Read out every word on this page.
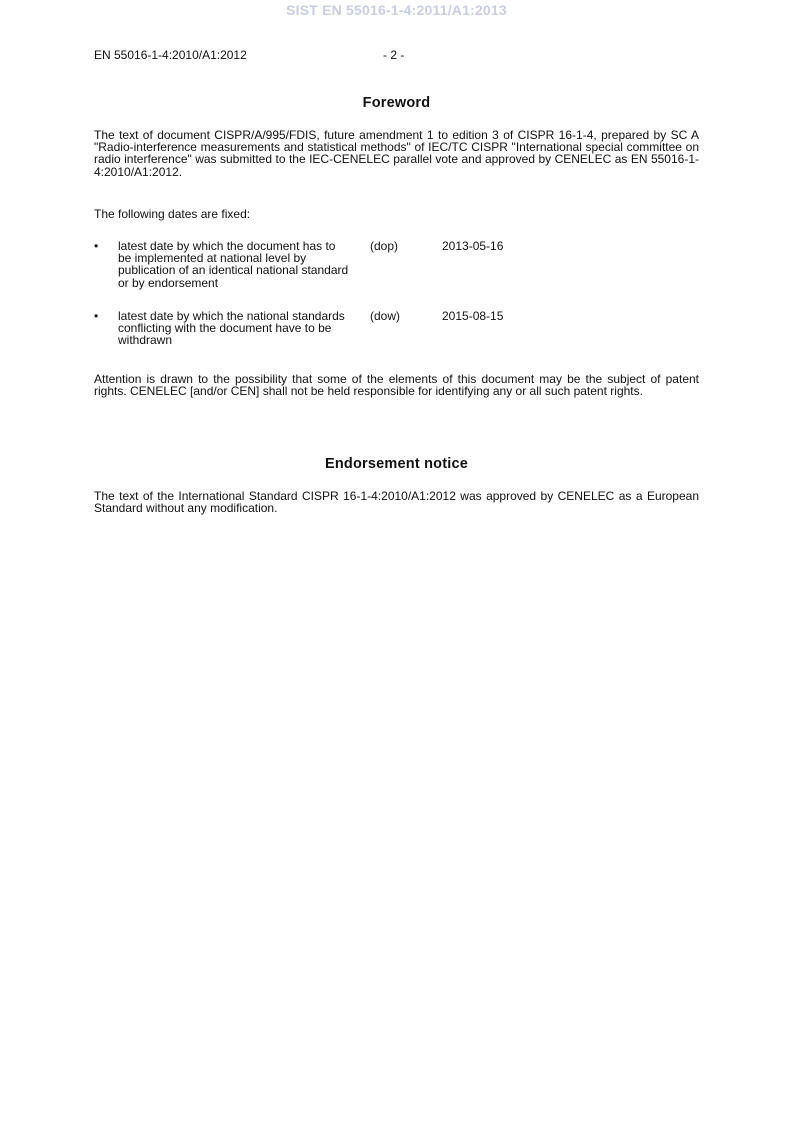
SIST EN 55016-1-4:2011/A1:2013
EN 55016-1-4:2010/A1:2012	- 2 -
Foreword
The text of document CISPR/A/995/FDIS, future amendment 1 to edition 3 of CISPR 16-1-4, prepared by SC A "Radio-interference measurements and statistical methods" of IEC/TC CISPR "International special committee on radio interference" was submitted to the IEC-CENELEC parallel vote and approved by CENELEC as EN 55016-1-4:2010/A1:2012.
The following dates are fixed:
•	latest date by which the document has to be implemented at national level by publication of an identical national standard or by endorsement
(dop)	2013-05-16
•	latest date by which the national standards conflicting with the document have to be withdrawn
(dow)	2015-08-15
Attention is drawn to the possibility that some of the elements of this document may be the subject of patent rights. CENELEC [and/or CEN] shall not be held responsible for identifying any or all such patent rights.
Endorsement notice
The text of the International Standard CISPR 16-1-4:2010/A1:2012 was approved by CENELEC as a European Standard without any modification.
